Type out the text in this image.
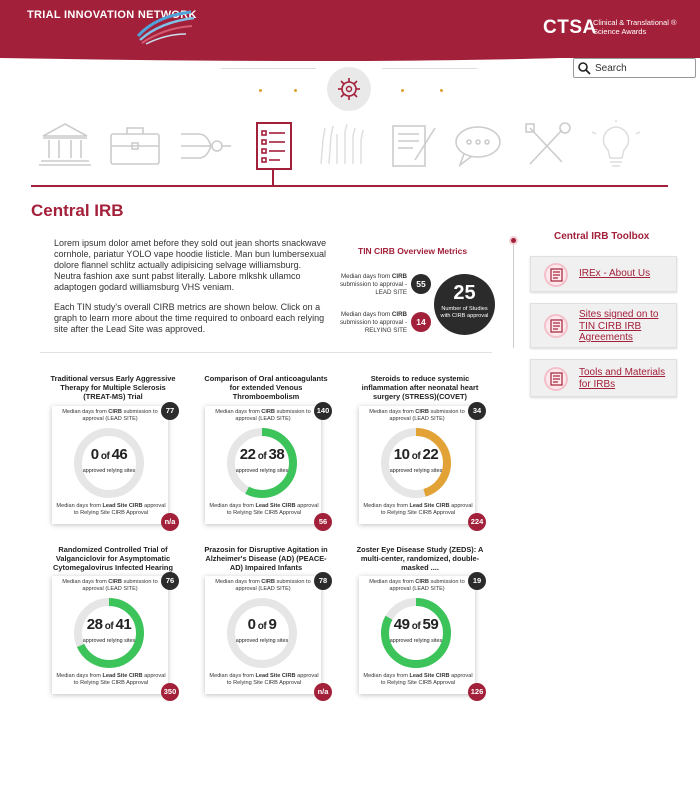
TRIAL INNOVATION NETWORK
CTSA
Clinical & Translational ®
Science Awards
Search
Central IRB

Lorem ipsum dolor amet before they sold out jean shorts snackwave cornhole, pariatur YOLO vape hoodie listicle. Man bun lumbersexual dolore flannel schlitz actually adipisicing selvage williamsburg. Neutra fashion axe sunt pabst literally. Labore mlkshk ullamco adaptogen godard williamsburg VHS veniam.

Each TIN study's overall CIRB metrics are shown below. Click on a graph to learn more about the time required to onboard each relying site after the Lead Site was approved.

TIN CIRB Overview Metrics
Median days from CIRB submission to approval - LEAD SITE
55
Median days from CIRB submission to approval - RELYING SITE
14
25
Number of Studies with CIRB approval
Central IRB Toolbox
IREx - About Us
Sites signed on to TIN CIRB IRB Agreements
Tools and Materials for IRBs
Traditional versus Early Aggressive Therapy for Multiple Sclerosis (TREAT-MS) Trial
Median days from CIRB submission to approval (LEAD SITE)
0 of 46
approved relying sites
Median days from Lead Site CIRB approval to Relying Site CIRB Approval
77
n/a
Comparison of Oral anticoagulants for extended Venous Thromboembolism
Median days from CIRB submission to approval (LEAD SITE)
22 of 38
approved relying sites
Median days from Lead Site CIRB approval to Relying Site CIRB Approval
140
56
Steroids to reduce systemic inflammation after neonatal heart surgery (STRESS)(COVET)
Median days from CIRB submission to approval (LEAD SITE)
10 of 22
approved relying sites
Median days from Lead Site CIRB approval to Relying Site CIRB Approval
34
224
Randomized Controlled Trial of Valganciclovir for Asymptomatic Cytomegalovirus Infected Hearing
Median days from CIRB submission to approval (LEAD SITE)
28 of 41
approved relying sites
Median days from Lead Site CIRB approval to Relying Site CIRB Approval
76
350
Prazosin for Disruptive Agitation in Alzheimer's Disease (AD) (PEACE-AD) Impaired Infants
Median days from CIRB submission to approval (LEAD SITE)
0 of 9
approved relying sites
Median days from Lead Site CIRB approval to Relying Site CIRB Approval
78
n/a
Zoster Eye Disease Study (ZEDS): A multi-center, randomized, double-masked ....
Median days from CIRB submission to approval (LEAD SITE)
49 of 59
approved relying sites
Median days from Lead Site CIRB approval to Relying Site CIRB Approval
19
126
